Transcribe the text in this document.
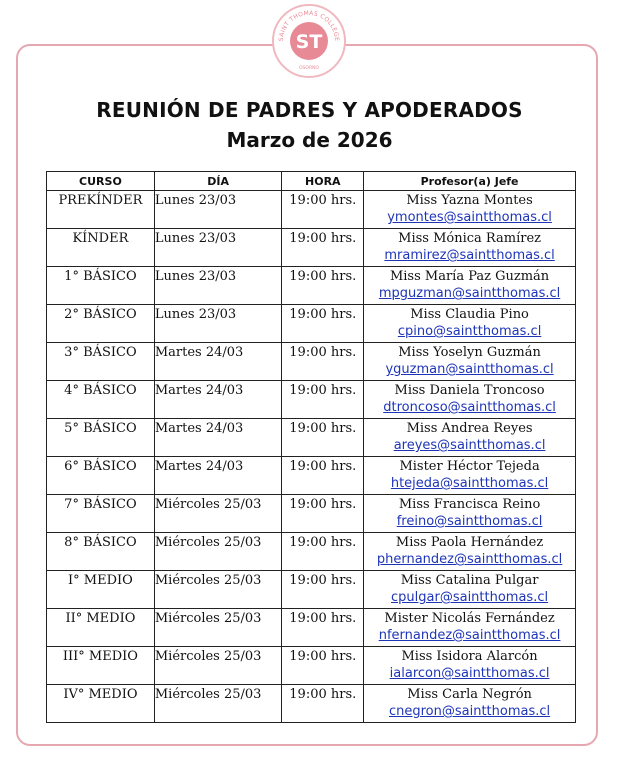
ST
SAINT THOMAS COLLEGE
OSORNO
REUNIÓN DE PADRES Y APODERADOS
Marzo de 2026
CURSO	DÍA	HORA	Profesor(a) Jefe
PREKÍNDER	Lunes 23/03	19:00 hrs.	Miss Yazna Montes
ymontes@saintthomas.cl

KÍNDER	Lunes 23/03	19:00 hrs.	Miss Mónica Ramírez
mramirez@saintthomas.cl

1° BÁSICO	Lunes 23/03	19:00 hrs.	Miss María Paz Guzmán
mpguzman@saintthomas.cl

2° BÁSICO	Lunes 23/03	19:00 hrs.	Miss Claudia Pino
cpino@saintthomas.cl

3° BÁSICO	Martes 24/03	19:00 hrs.	Miss Yoselyn Guzmán
yguzman@saintthomas.cl

4° BÁSICO	Martes 24/03	19:00 hrs.	Miss Daniela Troncoso
dtroncoso@saintthomas.cl

5° BÁSICO	Martes 24/03	19:00 hrs.	Miss Andrea Reyes
areyes@saintthomas.cl

6° BÁSICO	Martes 24/03	19:00 hrs.	Mister Héctor Tejeda
htejeda@saintthomas.cl

7° BÁSICO	Miércoles 25/03	19:00 hrs.	Miss Francisca Reino
freino@saintthomas.cl

8° BÁSICO	Miércoles 25/03	19:00 hrs.	Miss Paola Hernández
phernandez@saintthomas.cl

I° MEDIO	Miércoles 25/03	19:00 hrs.	Miss Catalina Pulgar
cpulgar@saintthomas.cl

II° MEDIO	Miércoles 25/03	19:00 hrs.	Mister Nicolás Fernández
nfernandez@saintthomas.cl

III° MEDIO	Miércoles 25/03	19:00 hrs.	Miss Isidora Alarcón
ialarcon@saintthomas.cl

IV° MEDIO	Miércoles 25/03	19:00 hrs.	Miss Carla Negrón
cnegron@saintthomas.cl
